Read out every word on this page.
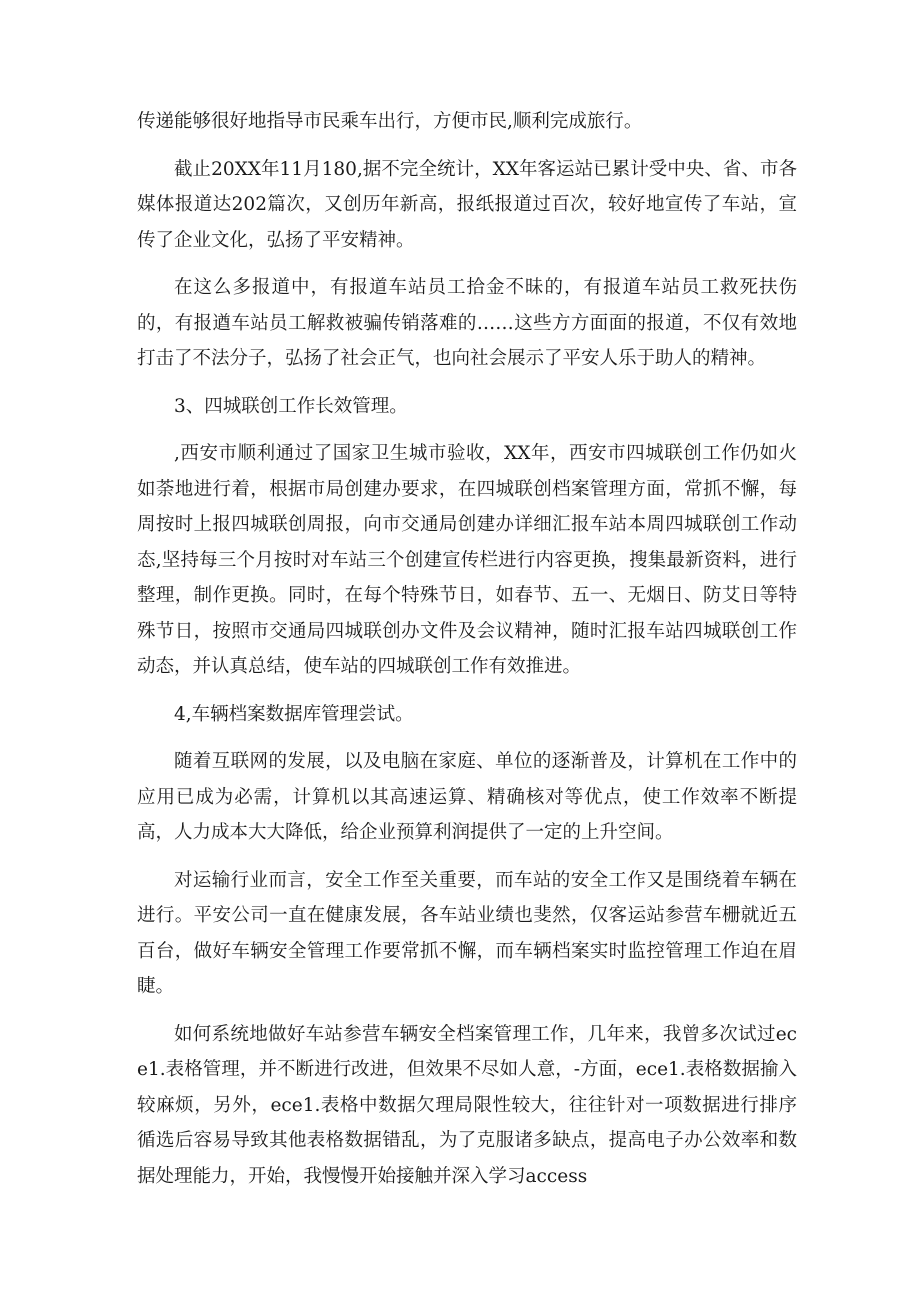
传递能够很好地指导市民乘车出行，方便市民,顺利完成旅行。

截止20XX年11月180,据不完全统计，XX年客运站已累计受中央、省、市各媒体报道达202篇次，又创历年新高，报纸报道过百次，较好地宣传了车站，宣传了企业文化，弘扬了平安精神。

在这么多报道中，有报道车站员工拾金不昧的，有报道车站员工救死扶伤的，有报遒车站员工解救被骗传销落难的……这些方方面面的报道，不仅有效地打击了不法分子，弘扬了社会正气，也向社会展示了平安人乐于助人的精神。

3、四城联创工作长效管理。

,西安市顺利通过了国家卫生城市验收，XX年，西安市四城联创工作仍如火如荼地进行着，根据市局创建办要求，在四城联创档案管理方面，常抓不懈，每周按时上报四城联创周报，向市交通局创建办详细汇报车站本周四城联创工作动态,坚持每三个月按时对车站三个创建宣传栏进行内容更换，搜集最新资料，进行整理，制作更换。同时，在每个特殊节日，如春节、五一、无烟日、防艾日等特殊节日，按照市交通局四城联创办文件及会议精神，随时汇报车站四城联创工作动态，并认真总结，使车站的四城联创工作有效推进。

4,车辆档案数据库管理尝试。

随着互联网的发展，以及电脑在家庭、单位的逐渐普及，计算机在工作中的应用已成为必需，计算机以其高速运算、精确核对等优点，使工作效率不断提高，人力成本大大降低，给企业预算利润提供了一定的上升空间。

对运输行业而言，安全工作至关重要，而车站的安全工作又是围绕着车辆在进行。平安公司一直在健康发展，各车站业绩也斐然，仅客运站参营车栅就近五百台，做好车辆安全管理工作要常抓不懈，而车辆档案实时监控管理工作迫在眉睫。

如何系统地做好车站参营车辆安全档案管理工作，几年来，我曾多次试过ece1.表格管理，并不断进行改进，但效果不尽如人意，-方面，ece1.表格数据揄入较麻烦，另外，ece1.表格中数据欠理局限性较大，往往针对一项数据进行排序循选后容易导致其他表格数据错乱，为了克服诸多缺点，提高电子办公效率和数据处理能力，开始，我慢慢开始接触并深入学习access
